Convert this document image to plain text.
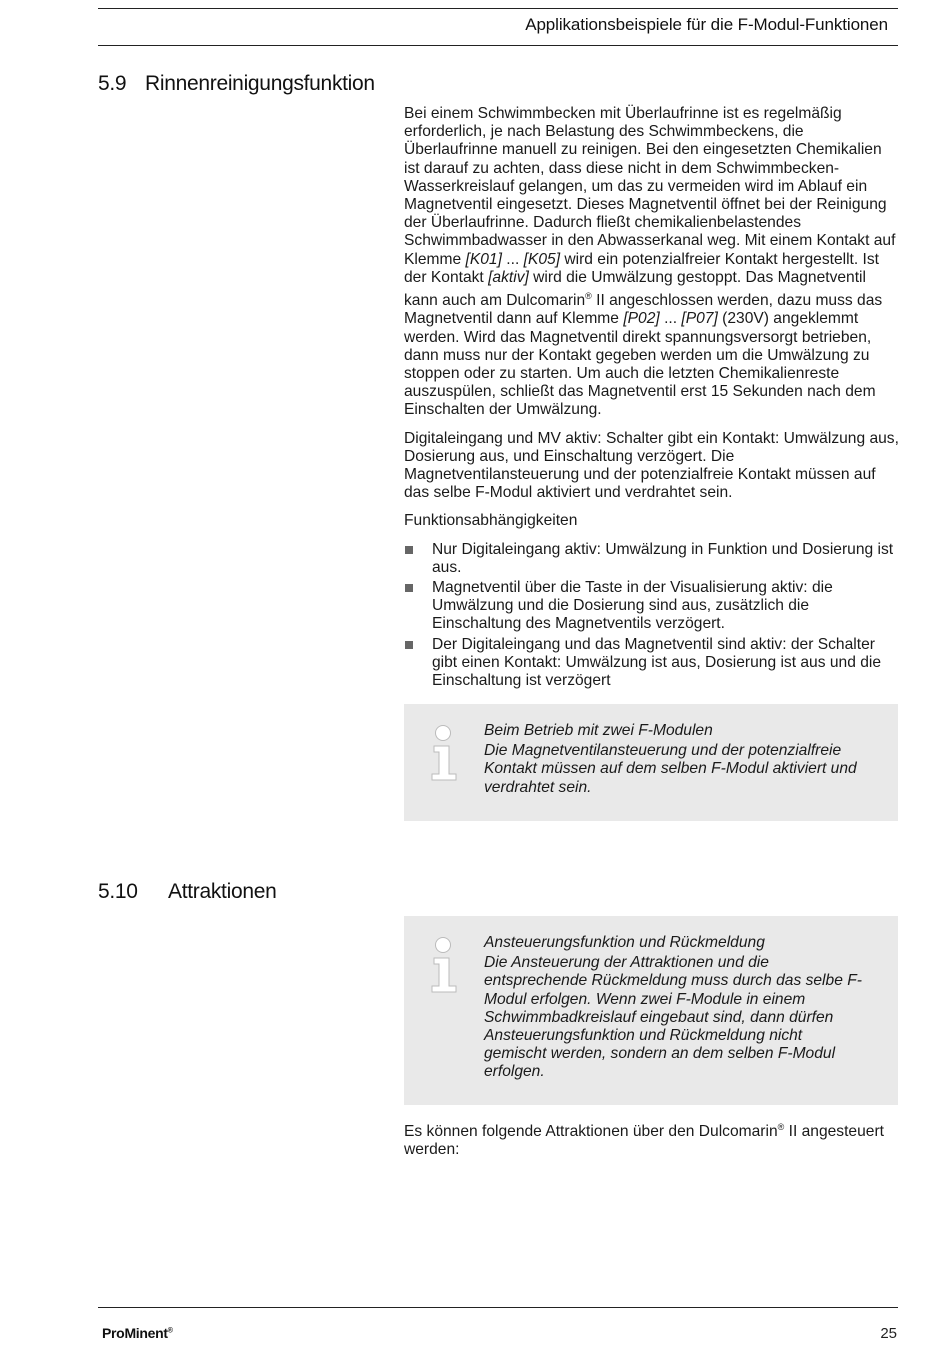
Applikationsbeispiele für die F-Modul-Funktionen
5.9 Rinnenreinigungsfunktion

Bei einem Schwimmbecken mit Überlaufrinne ist es regelmäßig erforderlich, je nach Belastung des Schwimmbeckens, die Überlaufrinne manuell zu reinigen. Bei den eingesetzten Chemikalien ist darauf zu achten, dass diese nicht in dem Schwimmbecken-Wasserkreislauf gelangen, um das zu vermeiden wird im Ablauf ein Magnetventil eingesetzt. Dieses Magnetventil öffnet bei der Reinigung der Überlaufrinne. Dadurch fließt chemikalienbelastendes Schwimmbadwasser in den Abwasserkanal weg. Mit einem Kontakt auf Klemme [K01] ... [K05] wird ein potenzialfreier Kontakt hergestellt. Ist der Kontakt [aktiv] wird die Umwälzung gestoppt. Das Magnetventil kann auch am Dulcomarin® II angeschlossen werden, dazu muss das Magnetventil dann auf Klemme [P02] ... [P07] (230V) angeklemmt werden. Wird das Magnetventil direkt spannungsversorgt betrieben, dann muss nur der Kontakt gegeben werden um die Umwälzung zu stoppen oder zu starten. Um auch die letzten Chemikalienreste auszuspülen, schließt das Magnetventil erst 15 Sekunden nach dem Einschalten der Umwälzung.

Digitaleingang und MV aktiv: Schalter gibt ein Kontakt: Umwälzung aus, Dosierung aus, und Einschaltung verzögert. Die Magnetventilansteuerung und der potenzialfreie Kontakt müssen auf das selbe F-Modul aktiviert und verdrahtet sein.

Funktionsabhängigkeiten

Nur Digitaleingang aktiv: Umwälzung in Funktion und Dosierung ist aus.
Magnetventil über die Taste in der Visualisierung aktiv: die Umwälzung und die Dosierung sind aus, zusätzlich die Einschaltung des Magnetventils verzögert.
Der Digitaleingang und das Magnetventil sind aktiv: der Schalter gibt einen Kontakt: Umwälzung ist aus, Dosierung ist aus und die Einschaltung ist verzögert
Beim Betrieb mit zwei F-Modulen
Die Magnetventilansteuerung und der potenzialfreie Kontakt müssen auf dem selben F-Modul aktiviert und verdrahtet sein.
5.10 Attraktionen
Ansteuerungsfunktion und Rückmeldung
Die Ansteuerung der Attraktionen und die entsprechende Rückmeldung muss durch das selbe F-Modul erfolgen. Wenn zwei F-Module in einem Schwimmbadkreislauf eingebaut sind, dann dürfen Ansteuerungsfunktion und Rückmeldung nicht gemischt werden, sondern an dem selben F-Modul erfolgen.

Es können folgende Attraktionen über den Dulcomarin® II angesteuert werden:

ProMinent®	25
